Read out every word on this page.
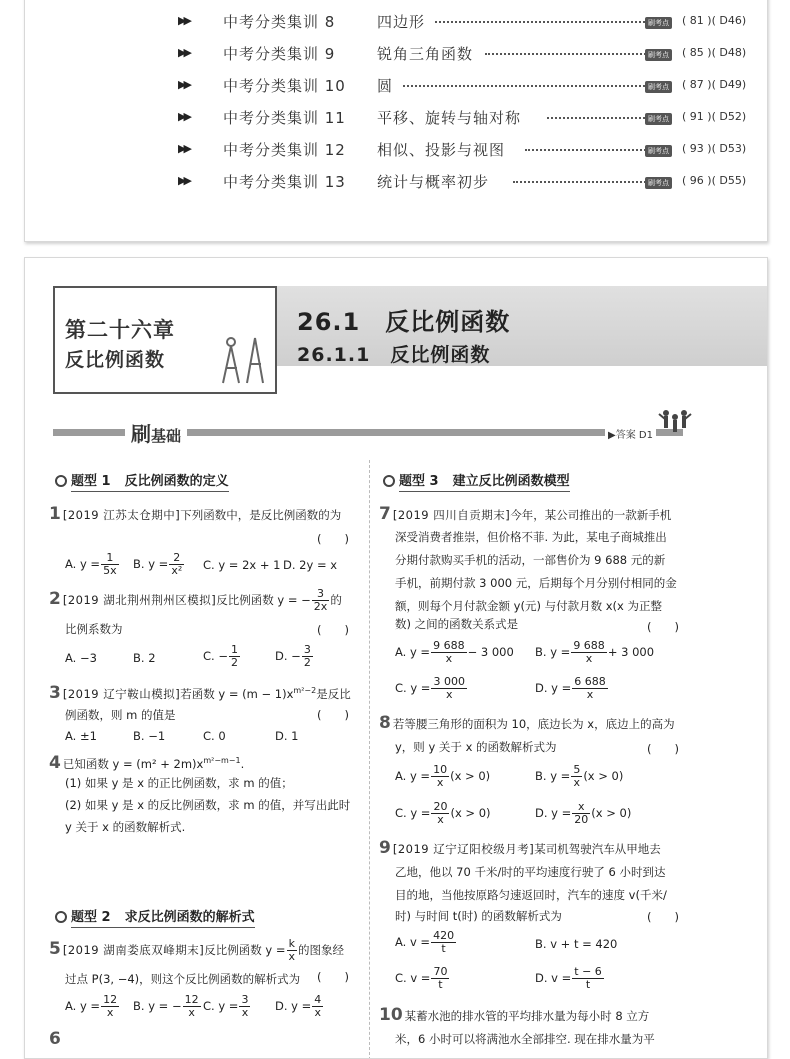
▶▶ 中考分类集训 8	四边形	刷考点 ( 81 )( D46)
▶▶ 中考分类集训 9	锐角三角函数	刷考点 ( 85 )( D48)
▶▶ 中考分类集训 10 圆	刷考点 ( 87 )( D49)
▶▶ 中考分类集训 11 平移、旋转与轴对称	刷考点 ( 91 )( D52)
▶▶ 中考分类集训 12 相似、投影与视图	刷考点 ( 93 )( D53)
▶▶ 中考分类集训 13 统计与概率初步	刷考点 ( 96 )( D55)
26.1　反比例函数
26.1.1　反比例函数
第二十六章
反比例函数
刷基础	▶答案 D1
题型 1 反比例函数的定义
1 [2019 江苏太仓期中]下列函数中，是反比例函数的为
(　　)
A. $y = \frac{1}{5x} B$. $y = \frac{2}{\text{x²}} C$. y = 2x + 1 D. 2y = x
2 [2019 湖北荆州荆州区模拟]反比例函数 y = − $\frac{3}{2x}$ 的
比例系数为	(　　)
A. −3	B. 2	C. − $\frac{1}{2}$	D. − $\frac{3}{2}$
3 [2019 辽宁鞍山模拟]若函数 $y = (m - 1)x^{m^2-2}$是反比
例函数，则 m 的值是	(　　)
A. ±1	B. −1	C. 0	D. 1
4 已知函数 $y = (m^2 + 2m)x^{m^2-m-1}$.
(1) 如果 y 是 x 的正比例函数，求 m 的值；
(2) 如果 y 是 x 的反比例函数，求 m 的值，并写出此时
y 关于 x 的函数解析式.
题型 2 求反比例函数的解析式
5 [2019 湖南娄底双峰期末]反比例函数 $y = \frac{k}{x}$ 的图象经
过点 P(3, −4)，则这个反比例函数的解析式为	(　　)
A. $y = \frac{12}{x} B$. y = − $\frac{12}{x} C$. $y = \frac{3}{x} D$. $y = \frac{4}{x}$
6
题型 3 建立反比例函数模型
7 [2019 四川自贡期末]今年，某公司推出的一款新手机
深受消费者推崇，但价格不菲. 为此，某电子商城推出
分期付款购买手机的活动，一部售价为 9 688 元的新
手机，前期付款 3 000 元，后期每个月分别付相同的金
额，则每个月付款金额 y(元) 与付款月数 x(x 为正整
数) 之间的函数关系式是	(　　)
A. $y = \frac{9 688}{x} - 3$ 000 B. $y = \frac{9 688}{x} + 3$ 000
C. $y = \frac{3 000}{x}$	D. $y = \frac{6 688}{x}$
8 若等腰三角形的面积为 10，底边长为 x，底边上的高为
y，则 y 关于 x 的函数解析式为	(　　)
A. $y = \frac{10}{x} (x > 0)$	B. $y = \frac{5}{x} (x > 0)$
C. $y = \frac{20}{x} (x > 0)$	D. $y = \frac{x}{20} (x > 0)$
9 [2019 辽宁辽阳校级月考]某司机驾驶汽车从甲地去
乙地，他以 70 千米/时的平均速度行驶了 6 小时到达
目的地，当他按原路匀速返回时，汽车的速度 v(千米/
时) 与时间 t(时) 的函数解析式为	(　　)
A. $v = \frac{420}{t}$	B. v + t = 420
C. $v = \frac{70}{t}$	D. $v = \frac{t - 6}{t}$
10 某蓄水池的排水管的平均排水量为每小时 8 立方
米，6 小时可以将满池水全部排空. 现在排水量为平
